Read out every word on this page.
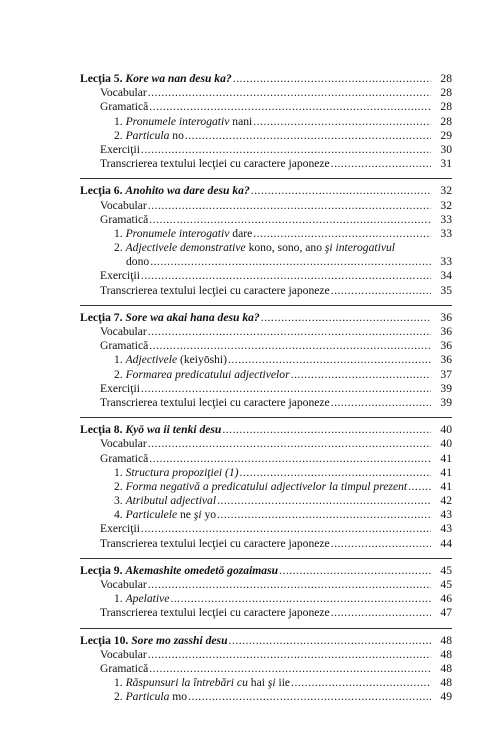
Lecţia 5. Kore wa nan desu ka? . . .	28
Vocabular . . .	28
Gramatică . . .	28
1. Pronumele interogativ nani . . .	28
2. Particula no . . .	29
Exerciţii . . .	30
Transcrierea textului lecţiei cu caractere japoneze . . .	31
Lecţia 6. Anohito wa dare desu ka? . . .	32
Vocabular . . .	32
Gramatică . . .	33
1. Pronumele interogativ dare . . .	33
2. Adjectivele demonstrative kono, sono, ano şi interogativul
dono . . .	33
Exerciţii . . .	34
Transcrierea textului lecţiei cu caractere japoneze . . .	35
Lecţia 7. Sore wa akai hana desu ka? . . .	36
Vocabular . . .	36
Gramatică . . .	36
1. Adjectivele (keiyōshi) . . .	36
2. Formarea predicatului adjectivelor . . .	37
Exerciţii . . .	39
Transcrierea textului lecţiei cu caractere japoneze . . .	39
Lecţia 8. Kyō wa ii tenki desu . . .	40
Vocabular . . .	40
Gramatică . . .	41
1. Structura propoziţiei (1) . . .	41
2. Forma negativă a predicatului adjectivelor la timpul prezent . . .	41
3. Atributul adjectival . . .	42
4. Particulele ne şi yo . . .	43
Exerciţii . . .	43
Transcrierea textului lecţiei cu caractere japoneze . . .	44
Lecţia 9. Akemashite omedetō gozaimasu . . .	45
Vocabular . . .	45
1. Apelative . . .	46
Transcrierea textului lecţiei cu caractere japoneze . . .	47
Lecţia 10. Sore mo zasshi desu . . .	48
Vocabular . . .	48
Gramatică . . .	48
1. Răspunsuri la întrebări cu hai şi iie . . .	48
2. Particula mo . . .	49
